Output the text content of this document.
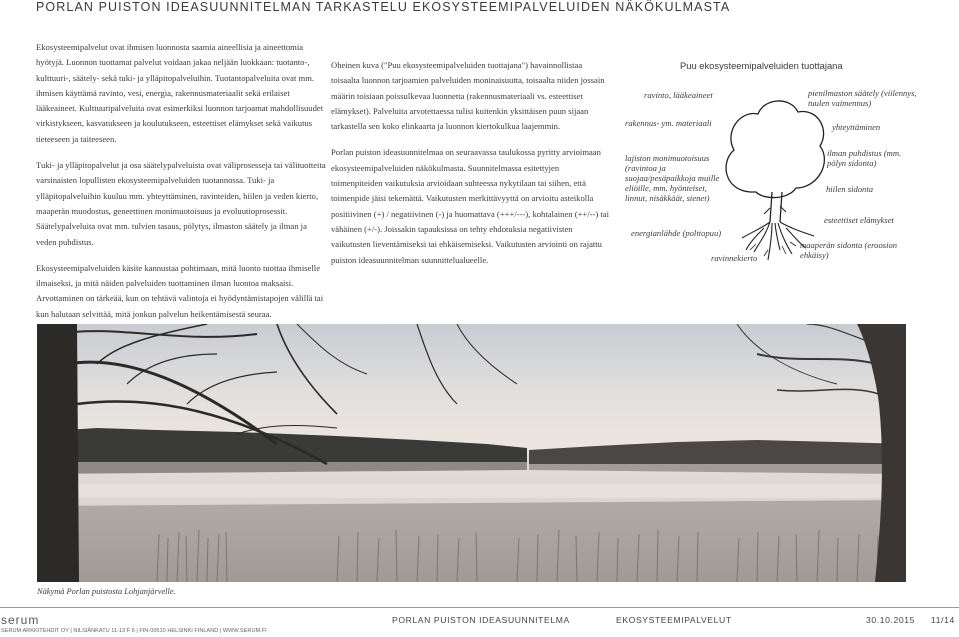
PORLAN PUISTON IDEASUUNNITELMAN TARKASTELU EKOSYSTEEMIPALVELUIDEN NÄKÖKULMASTA

Ekosysteemipalvelut ovat ihmisen luonnosta saamia aineellisia ja aineettomia hyötyjä. Luonnon tuottamat palvelut voidaan jakaa neljään luokkaan: tuotanto-, kulttuuri-, säätely- sekä tuki- ja ylläpitopalveluihin. Tuotantopalveluita ovat mm. ihmisen käyttämä ravinto, vesi, energia, rakennusmateriaalit sekä erilaiset lääkeaineet. Kulttuuripalveluita ovat esimerkiksi luonnon tarjoamat mahdollisuudet virkistykseen, kasvatukseen ja koulutukseen, esteettiset elämykset sekä vaikutus tieteeseen ja taiteeseen.

Tuki- ja ylläpitopalvelut ja osa säätelypalveluista ovat väliprosesseja tai välituotteita varsinaisten lopullisten ekosysteemipalveluiden tuotannossa. Tuki- ja ylläpitopalveluihin kuuluu mm. yhteyttäminen, ravinteiden, hiilen ja veden kierto, maaperän muodostus, geneettinen monimuotoisuus ja evoluutioprosessit. Säätelypalveluita ovat mm. tulvien tasaus, pölytys, ilmaston säätely ja ilman ja veden puhdistus.

Ekosysteemipalveluiden käsite kannustaa pohtimaan, mitä luonto tuottaa ihmiselle ilmaiseksi, ja mitä näiden palveluiden tuottaminen ilman luontoa maksaisi. Arvottaminen on tärkeää, kun on tehtävä valintoja ei hyödyntämistapojen välillä tai kun halutaan selvittää, mitä jonkun palvelun heikentämisestä seuraa.

Oheinen kuva ("Puu ekosysteemipalveluiden tuottajana") havainnollistaa toisaalta luonnon tarjoamien palveluiden moninaisuutta, toisaalta niiden jossain määrin toisiaan poissulkevaa luonnetta (rakennusmateriaali vs. esteettiset elämykset). Palveluita arvotettaessa tulisi kuitenkin yksittäisen puun sijaan tarkastella sen koko elinkaarta ja luonnon kiertokulkua laajemmin.

Porlan puiston ideasuunnitelmaa on seuraavassa taulukossa pyritty arvioimaan ekosysteemipalveluiden näkökulmasta. Suunnitelmassa esitettyjen toimenpiteiden vaikutuksia arvioidaan suhteessa nykytilaan tai siihen, että toimenpide jäisi tekemättä. Vaikutusten merkittävyyttä on arvioitu asteikolla positiivinen (+) / negatiivinen (-) ja huomattava (+++/---), kohtalainen (++/--) tai vähäinen (+/-). Joissakin tapauksissa on tehty ehdotuksia negatiivisten vaikutusten lieventämiseksi tai ehkäisemiseksi. Vaikutusten arviointi on rajattu puiston ideasuunnitelman suunnittelualueelle.

Puu ekosysteemipalveluiden tuottajana
ravinto, lääkeaineet
rakennus- ym. materiaali
lajiston monimuotoisuus (ravintoa ja suojaa/pesäpaikkoja muille eliöille, mm. hyönteiset, linnut, nisäkkäät, sienet)
energianlähde (polttopuu)
ravinnekierto
pienilmaston säätely (viilennys, tuulen vaimennus)
yhteyttäminen
ilman puhdistus (mm. pölyn sidonta)
hiilen sidonta
esteettiset elämykset
maaperän sidonta (eroosion ehkäisy)
Näkymä Porlan puistosta Lohjanjärvelle.
serum
SERUM ARKKITEHDIT OY | NILSIÄNKATU 11-13 F 6 | FIN-00510 HELSINKI FINLAND | WWW.SERUM.FI
PORLAN PUISTON IDEASUUNNITELMA	EKOSYSTEEMIPALVELUT	30.10.2015 11/14
